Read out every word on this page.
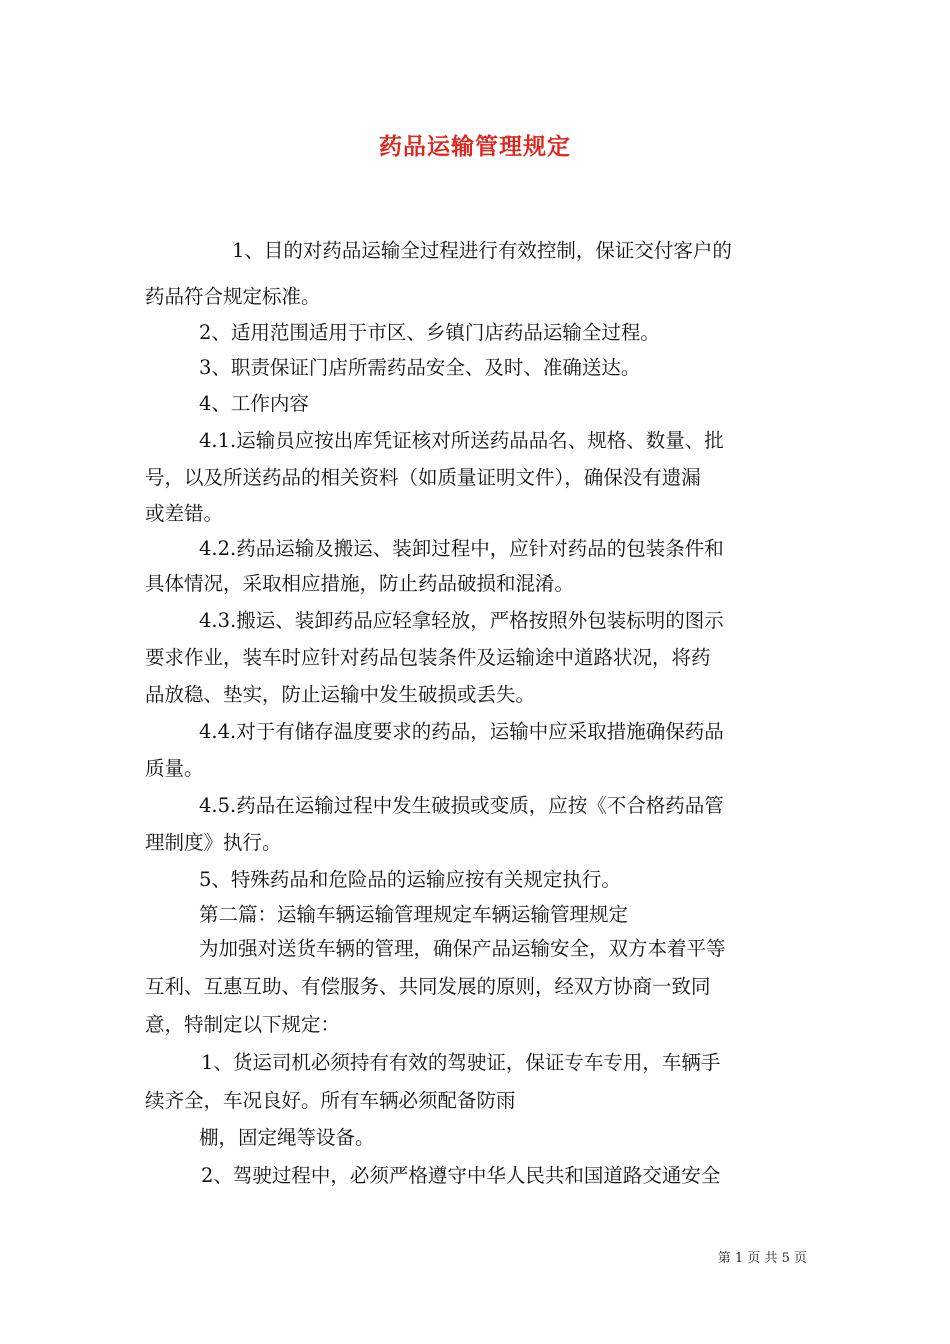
药品运输管理规定
1、目的对药品运输全过程进行有效控制，保证交付客户的
药品符合规定标准。
2、适用范围适用于市区、乡镇门店药品运输全过程。
3、职责保证门店所需药品安全、及时、准确送达。
4、工作内容
4.1.运输员应按出库凭证核对所送药品品名、规格、数量、批
号，以及所送药品的相关资料（如质量证明文件），确保没有遗漏
或差错。
4.2.药品运输及搬运、装卸过程中，应针对药品的包装条件和
具体情况，采取相应措施，防止药品破损和混淆。
4.3.搬运、装卸药品应轻拿轻放，严格按照外包装标明的图示
要求作业，装车时应针对药品包装条件及运输途中道路状况，将药
品放稳、垫实，防止运输中发生破损或丢失。
4.4.对于有储存温度要求的药品，运输中应采取措施确保药品
质量。
4.5.药品在运输过程中发生破损或变质，应按《不合格药品管
理制度》执行。
5、特殊药品和危险品的运输应按有关规定执行。
第二篇：运输车辆运输管理规定车辆运输管理规定
为加强对送货车辆的管理，确保产品运输安全，双方本着平等
互利、互惠互助、有偿服务、共同发展的原则，经双方协商一致同
意，特制定以下规定：
1、货运司机必须持有有效的驾驶证，保证专车专用，车辆手
续齐全，车况良好。所有车辆必须配备防雨
棚，固定绳等设备。
2、驾驶过程中，必须严格遵守中华人民共和国道路交通安全
第 1 页 共 5 页
